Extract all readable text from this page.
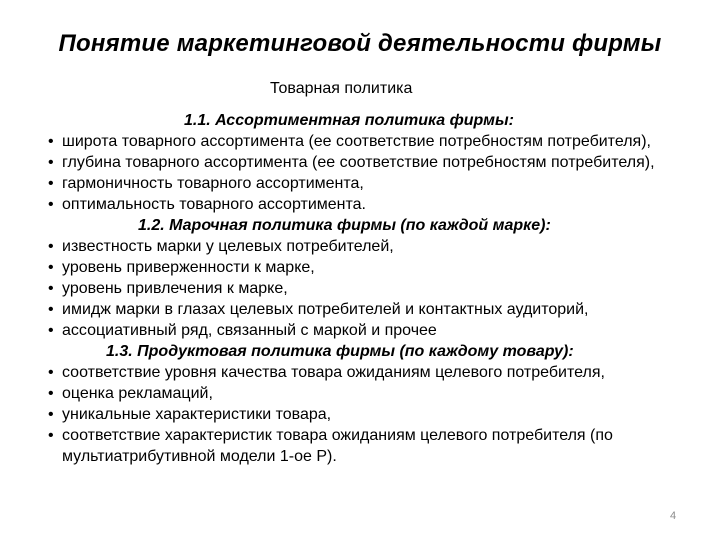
Понятие маркетинговой деятельности фирмы
Товарная политика
1.1. Ассортиментная политика фирмы:
• широта товарного ассортимента (ее соответствие потребностям потребителя),
• глубина товарного ассортимента (ее соответствие потребностям потребителя),
• гармоничность товарного ассортимента,
• оптимальность товарного ассортимента.
1.2. Марочная политика фирмы (по каждой марке):
• известность марки у целевых потребителей,
• уровень приверженности к марке,
• уровень привлечения к марке,
• имидж марки в глазах целевых потребителей и контактных аудиторий,
• ассоциативный ряд, связанный с маркой и прочее
1.3. Продуктовая политика фирмы (по каждому товару):
• соответствие уровня качества товара ожиданиям целевого потребителя,
• оценка рекламаций,
• уникальные характеристики товара,
• соответствие характеристик товара ожиданиям целевого потребителя (по мультиатрибутивной модели 1-ое Р).
4
